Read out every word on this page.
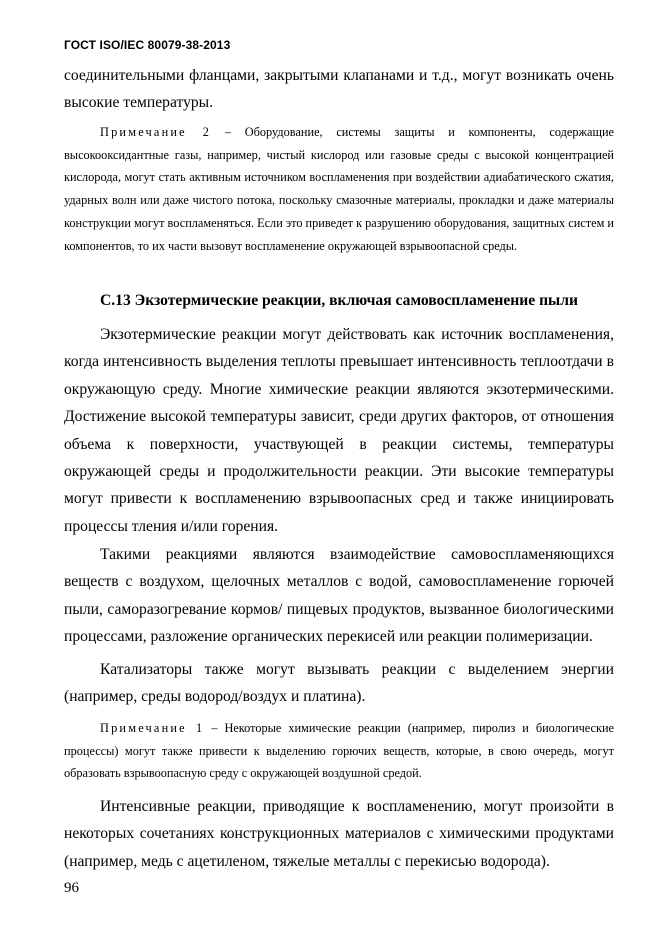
ГОСТ ISO/IEC 80079-38-2013

соединительными фланцами, закрытыми клапанами и т.д., могут возникать очень высокие температуры.

Примечание 2 – Оборудование, системы защиты и компоненты, содержащие высокооксидантные газы, например, чистый кислород или газовые среды с высокой концентрацией кислорода, могут стать активным источником воспламенения при воздействии адиабатического сжатия, ударных волн или даже чистого потока, поскольку смазочные материалы, прокладки и даже материалы конструкции могут воспламеняться. Если это приведет к разрушению оборудования, защитных систем и компонентов, то их части вызовут воспламенение окружающей взрывоопасной среды.

С.13 Экзотермические реакции, включая самовоспламенение пыли

Экзотермические реакции могут действовать как источник воспламенения, когда интенсивность выделения теплоты превышает интенсивность теплоотдачи в окружающую среду. Многие химические реакции являются экзотермическими. Достижение высокой температуры зависит, среди других факторов, от отношения объема к поверхности, участвующей в реакции системы, температуры окружающей среды и продолжительности реакции. Эти высокие температуры могут привести к воспламенению взрывоопасных сред и также инициировать процессы тления и/или горения.

Такими реакциями являются взаимодействие самовоспламеняющихся веществ с воздухом, щелочных металлов с водой, самовоспламенение горючей пыли, саморазогревание кормов/ пищевых продуктов, вызванное биологическими процессами, разложение органических перекисей или реакции полимеризации.

Катализаторы также могут вызывать реакции с выделением энергии (например, среды водород/воздух и платина).

Примечание 1 – Некоторые химические реакции (например, пиролиз и биологические процессы) могут также привести к выделению горючих веществ, которые, в свою очередь, могут образовать взрывоопасную среду с окружающей воздушной средой.

Интенсивные реакции, приводящие к воспламенению, могут произойти в некоторых сочетаниях конструкционных материалов с химическими продуктами (например, медь с ацетиленом, тяжелые металлы с перекисью водорода).

96
